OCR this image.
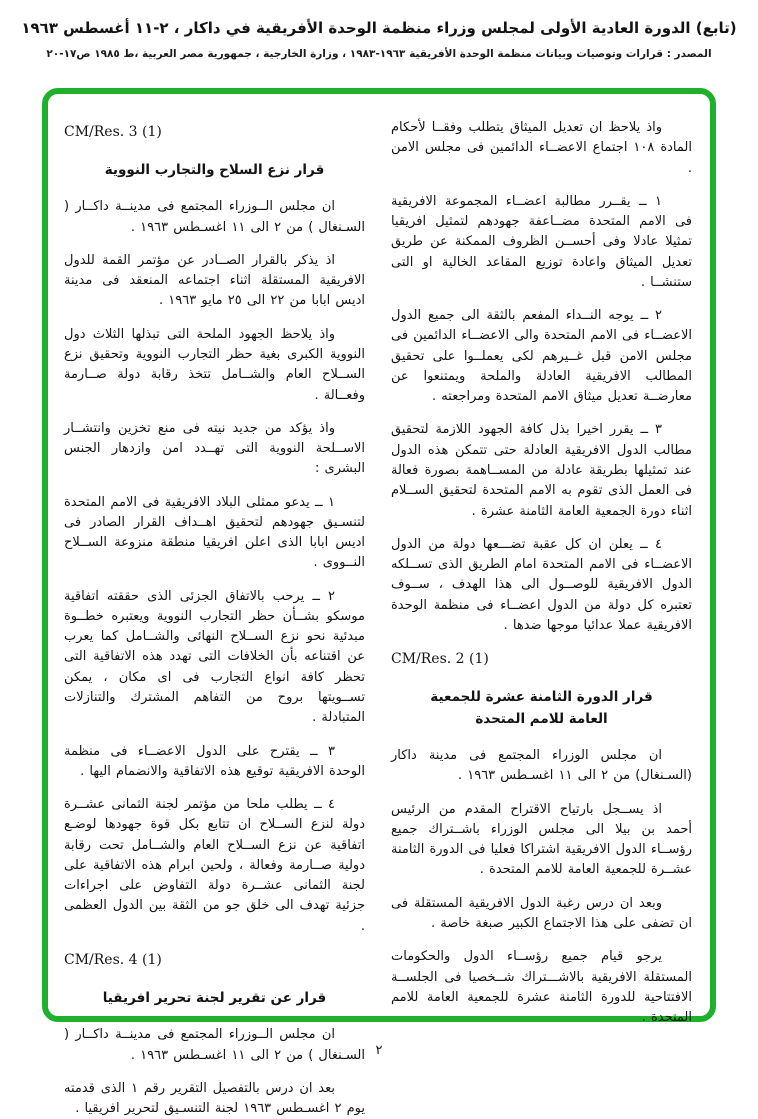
(تابع) الدورة العادية الأولى لمجلس وزراء منظمة الوحدة الأفريقية في داكار ، ٢-١١ أغسطس ١٩٦٣
المصدر : قرارات وتوصيات وبيانات منظمة الوحدة الأفريقية ١٩٦٣-١٩٨٣ ، وزارة الخارجية ، جمهورية مصر العربية ،ط ١٩٨٥ ص١٧-٢٠

واذ يلاحظ ان تعديل الميثاق يتطلب وفقــا لأحكام المادة ١٠٨ اجتماع الاعضــاء الدائمين فى مجلس الامن .

١ ــ يقــرر مطالبة اعضــاء المجموعة الافريقية فى الامم المتحدة مضــاعفة جهودهم لتمثيل افريقيا تمثيلا عادلا وفى أحســن الظروف الممكنة عن طريق تعديل الميثاق واعادة توزيع المقاعد الخالية او التى ستنشــا .

٢ ــ يوجه النــداء المفعم بالثقة الى جميع الدول الاعضــاء فى الامم المتحدة والى الاعضــاء الدائمين فى مجلس الامن قبل غــيرهم لكى يعملــوا على تحقيق المطالب الافريقية العادلة والملحة ويمتنعوا عن معارضــة تعديل ميثاق الامم المتحدة ومراجعته .

٣ ــ يقرر اخيرا بذل كافة الجهود اللازمة لتحقيق مطالب الدول الافريقية العادلة حتى تتمكن هذه الدول عند تمثيلها بطريقة عادلة من المســاهمة بصورة فعالة فى العمل الذى تقوم به الامم المتحدة لتحقيق الســلام اثناء دورة الجمعية العامة الثامنة عشرة .

٤ ــ يعلن ان كل عقبة تضـــعها دولة من الدول الاعضــاء فى الامم المتحدة امام الطريق الذى تســلكه الدول الافريقية للوصــول الى هذا الهدف ، ســوف تعتبره كل دولة من الدول اعضــاء فى منظمة الوحدة الافريقية عملا عدائيا موجها ضدها .

CM/Res. 2 (1)
قرار الدورة الثامنة عشرة للجمعية العامة للامم المتحدة

ان مجلس الوزراء المجتمع فى مدينة داكار (السـنغال) من ٢ الى ١١ اغسـطس ١٩٦٣ .

اذ يســجل بارتياح الاقتراح المقدم من الرئيس أحمد بن بيلا الى مجلس الوزراء باشــتراك جميع رؤســاء الدول الافريقية اشتراكا فعليا فى الدورة الثامنة عشــرة للجمعية العامة للامم المتحدة .

وبعد ان درس رغبة الدول الافريقية المستقلة فى ان تضفى على هذا الاجتماع الكبير صبغة خاصة .

يرجو قيام جميع رؤســاء الدول والحكومات المستقلة الافريقية بالاشـــتراك شــخصيا فى الجلســة الافتتاحية للدورة الثامنة عشرة للجمعية العامة للامم المتحدة .

CM/Res. 3 (1)
قرار نزع السلاح والتجارب النووية

ان مجلس الــوزراء المجتمع فى مدينــة داكــار ( السـنغال ) من ٢ الى ١١ اغسـطس ١٩٦٣ .

اذ يذكر بالقرار الصــادر عن مؤتمر القمة للدول الافريقية المستقلة اثناء اجتماعه المنعقد فى مدينة اديس ابابا من ٢٢ الى ٢٥ مايو ١٩٦٣ .

واذ يلاحظ الجهود الملحة التى تبذلها الثلاث دول النووية الكبرى بغية حظر التجارب النووية وتحقيق نزع الســلاح العام والشــامل تتخذ رقابة دولة صــارمة وفعــالة .

واذ يؤكد من جديد نيته فى منع تخزين وانتشــار الاســلحة النووية التى تهــدد امن وازدهار الجنس البشرى :

١ ــ يدعو ممثلى البلاد الافريقية فى الامم المتحدة لتنسـيق جهودهم لتحقيق اهــداف القرار الصادر فى اديس ابابا الذى اعلن افريقيا منطقة منزوعة الســلاح النــووى .

٢ ــ يرحب بالاتفاق الجزئى الذى حققته اتفاقية موسكو بشــأن حظر التجارب النووية ويعتبره خطــوة مبدئية نحو نزع الســلاح النهائى والشــامل كما يعرب عن اقتناعه بأن الخلافات التى تهدد هذه الاتفاقية التى تحظر كافة انواع التجارب فى اى مكان ، يمكن تســويتها بروح من التفاهم المشترك والتنازلات المتبادلة .

٣ ــ يقترح على الدول الاعضــاء فى منظمة الوحدة الافريقية توقيع هذه الاتفاقية والانضمام اليها .

٤ ــ يطلب ملحا من مؤتمر لجنة الثمانى عشــرة دولة لنزع الســلاح ان تتابع بكل قوة جهودها لوضـع اتفاقية عن نزع الســلاح العام والشــامل تحت رقابة دولية صــارمة وفعالة ، ولحين ابرام هذه الاتفاقية على لجنة الثمانى عشــرة دولة التفاوض على اجراءات جزئية تهدف الى خلق جو من الثقة بين الدول العظمى .

CM/Res. 4 (1)
قرار عن تقرير لجنة تحرير افريقيا

ان مجلس الــوزراء المجتمع فى مدينــة داكــار ( السـنغال ) من ٢ الى ١١ اغسـطس ١٩٦٣ .

بعد ان درس بالتفصيل التقرير رقم ١ الذى قدمته يوم ٢ اغسـطس ١٩٦٣ لجنة التنسـيق لتحرير افريقيا .

٢
